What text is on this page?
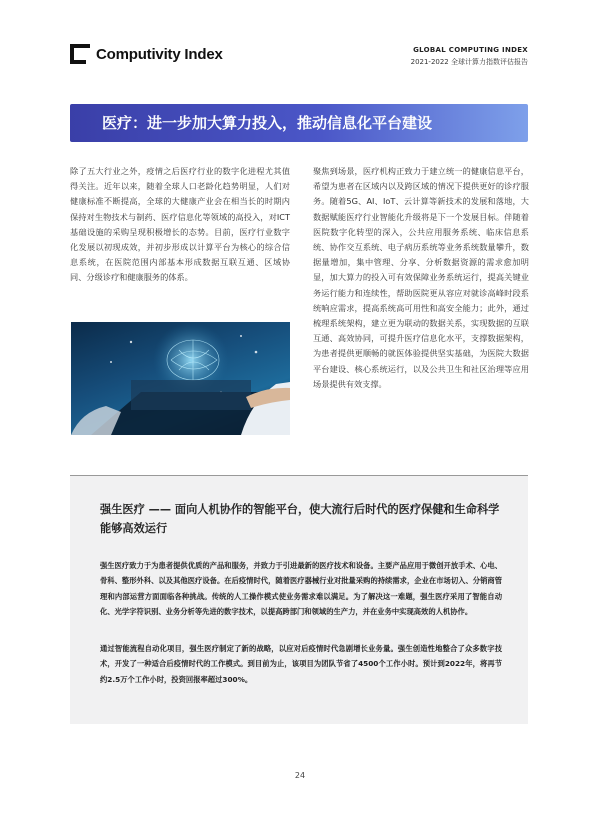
Computivity Index	GLOBAL COMPUTING INDEX
2021-2022 全球计算力指数评估报告
医疗：进一步加大算力投入，推动信息化平台建设
除了五大行业之外，疫情之后医疗行业的数字化进程尤其值得关注。近年以来，随着全球人口老龄化趋势明显，人们对健康标准不断提高，全球的大健康产业会在相当长的时期内保持对生物技术与制药、医疗信息化等领域的高投入，对ICT基础设施的采购呈现积极增长的态势。目前，医疗行业数字化发展以初现成效，并初步形成以计算平台为核心的综合信息系统，在医院范围内部基本形成数据互联互通、区域协同、分级诊疗和健康服务的体系。
聚焦到场景，医疗机构正致力于建立统一的健康信息平台，希望为患者在区域内以及跨区域的情况下提供更好的诊疗服务。随着5G、AI、IoT、云计算等新技术的发展和落地，大数据赋能医疗行业智能化升级将是下一个发展目标。伴随着医院数字化转型的深入，公共应用服务系统、临床信息系统、协作交互系统、电子病历系统等业务系统数量攀升，数据量增加，集中管理、分享、分析数据资源的需求愈加明显，加大算力的投入可有效保障业务系统运行，提高关键业务运行能力和连续性，帮助医院更从容应对就诊高峰时段系统响应需求，提高系统高可用性和高安全能力；此外，通过梳理系统架构，建立更为联动的数据关系，实现数据的互联互通、高效协同，可提升医疗信息化水平，支撑数据架构，为患者提供更顺畅的就医体验提供坚实基础，为医院大数据平台建设、核心系统运行，以及公共卫生和社区治理等应用场景提供有效支撑。
强生医疗 —— 面向人机协作的智能平台，使大流行后时代的医疗保健和生命科学能够高效运行
强生医疗致力于为患者提供优质的产品和服务，并致力于引进最新的医疗技术和设备。主要产品应用于微创开放手术、心电、骨科、整形外科、以及其他医疗设备。在后疫情时代，随着医疗器械行业对批量采购的持续需求，企业在市场切入、分销商管理和内部运营方面面临各种挑战。传统的人工操作模式使业务需求难以满足。为了解决这一难题，强生医疗采用了智能自动化、光学字符识别、业务分析等先进的数字技术，以提高跨部门和领域的生产力，并在业务中实现高效的人机协作。
通过智能流程自动化项目，强生医疗制定了新的战略，以应对后疫情时代急剧增长业务量。强生创造性地整合了众多数字技术，开发了一种适合后疫情时代的工作模式。到目前为止，该项目为团队节省了4500个工作小时。预计到2022年，将再节约2.5万个工作小时，投资回报率超过300%。
24
